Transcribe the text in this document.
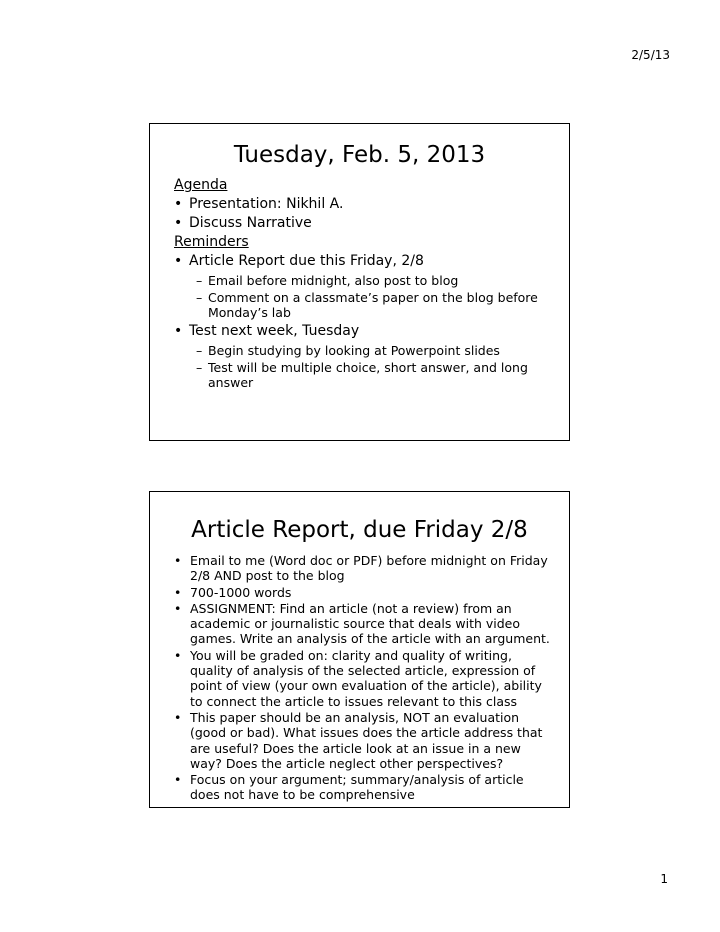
2/5/13
Tuesday, Feb. 5, 2013
Agenda
• Presentation: Nikhil A.
• Discuss Narrative
Reminders
• Article Report due this Friday, 2/8
– Email before midnight, also post to blog
– Comment on a classmate’s paper on the blog before Monday’s lab
• Test next week, Tuesday
– Begin studying by looking at Powerpoint slides
– Test will be multiple choice, short answer, and long answer
Article Report, due Friday 2/8
• Email to me (Word doc or PDF) before midnight on Friday 2/8 AND post to the blog
• 700-1000 words
• ASSIGNMENT: Find an article (not a review) from an academic or journalistic source that deals with video games. Write an analysis of the article with an argument.
• You will be graded on: clarity and quality of writing, quality of analysis of the selected article, expression of point of view (your own evaluation of the article), ability to connect the article to issues relevant to this class
• This paper should be an analysis, NOT an evaluation (good or bad). What issues does the article address that are useful? Does the article look at an issue in a new way? Does the article neglect other perspectives?
• Focus on your argument; summary/analysis of article does not have to be comprehensive
1
